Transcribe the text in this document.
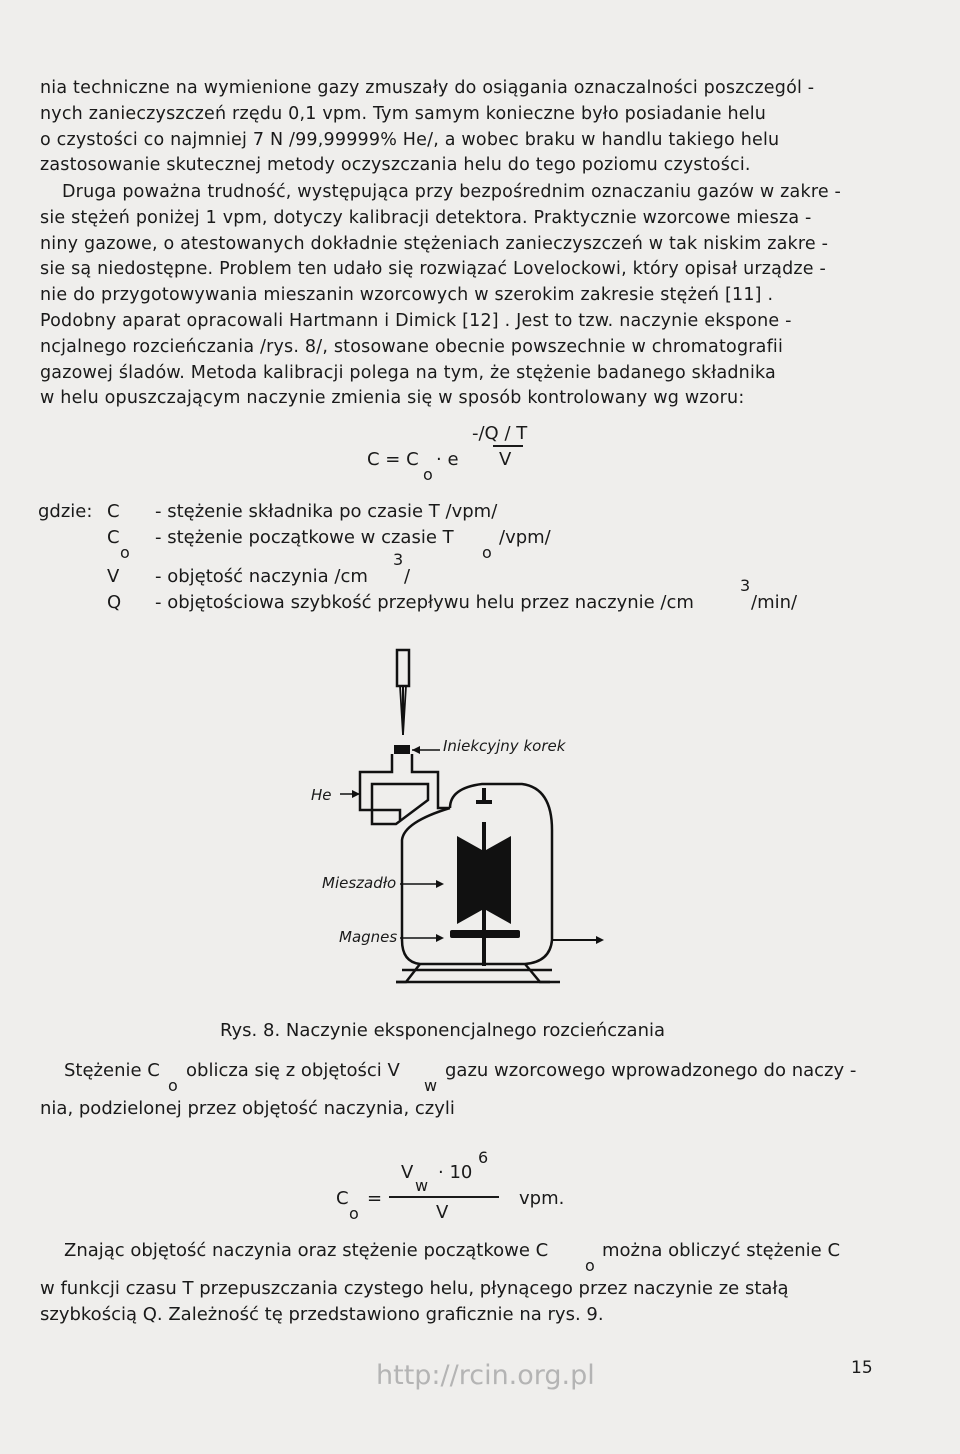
nia techniczne na wymienione gazy zmuszały do osiągania oznaczalności poszczegól -
nych zanieczyszczeń rzędu 0,1 vpm. Tym samym konieczne było posiadanie helu
o czystości co najmniej 7 N /99,99999% He/, a wobec braku w handlu takiego helu
zastosowanie skutecznej metody oczyszczania helu do tego poziomu czystości.
Druga poważna trudność, występująca przy bezpośrednim oznaczaniu gazów w zakre -
sie stężeń poniżej 1 vpm, dotyczy kalibracji detektora. Praktycznie wzorcowe miesza -
niny gazowe, o atestowanych dokładnie stężeniach zanieczyszczeń w tak niskim zakre -
sie są niedostępne. Problem ten udało się rozwiązać Lovelockowi, który opisał urządze -
nie do przygotowywania mieszanin wzorcowych w szerokim zakresie stężeń [11] .
Podobny aparat opracowali Hartmann i Dimick [12] . Jest to tzw. naczynie ekspone -
ncjalnego rozcieńczania /rys. 8/, stosowane obecnie powszechnie w chromatografii
gazowej śladów. Metoda kalibracji polega na tym, że stężenie badanego składnika
w helu opuszczającym naczynie zmienia się w sposób kontrolowany wg wzoru:
-/Q / T
C = C
o
· e V
gdzie: C - stężenie składnika po czasie T /vpm/
C
o
- stężenie początkowe w czasie T
o
/vpm/
V - objętość naczynia /cm
3
/
Q - objętościowa szybkość przepływu helu przez naczynie /cm
3
/min/
Iniekcyjny korek
He
Mieszadło
Magnes
Rys. 8. Naczynie eksponencjalnego rozcieńczania
Stężenie C
o
oblicza się z objętości V
w
gazu wzorcowego wprowadzonego do naczy -
nia, podzielonej przez objętość naczynia, czyli
V
w
· 10
6
C
o
=
V
vpm.
Znając objętość naczynia oraz stężenie początkowe C
o
można obliczyć stężenie C
w funkcji czasu T przepuszczania czystego helu, płynącego przez naczynie ze stałą
szybkością Q. Zależność tę przedstawiono graficznie na rys. 9.
http://rcin.org.pl	15
